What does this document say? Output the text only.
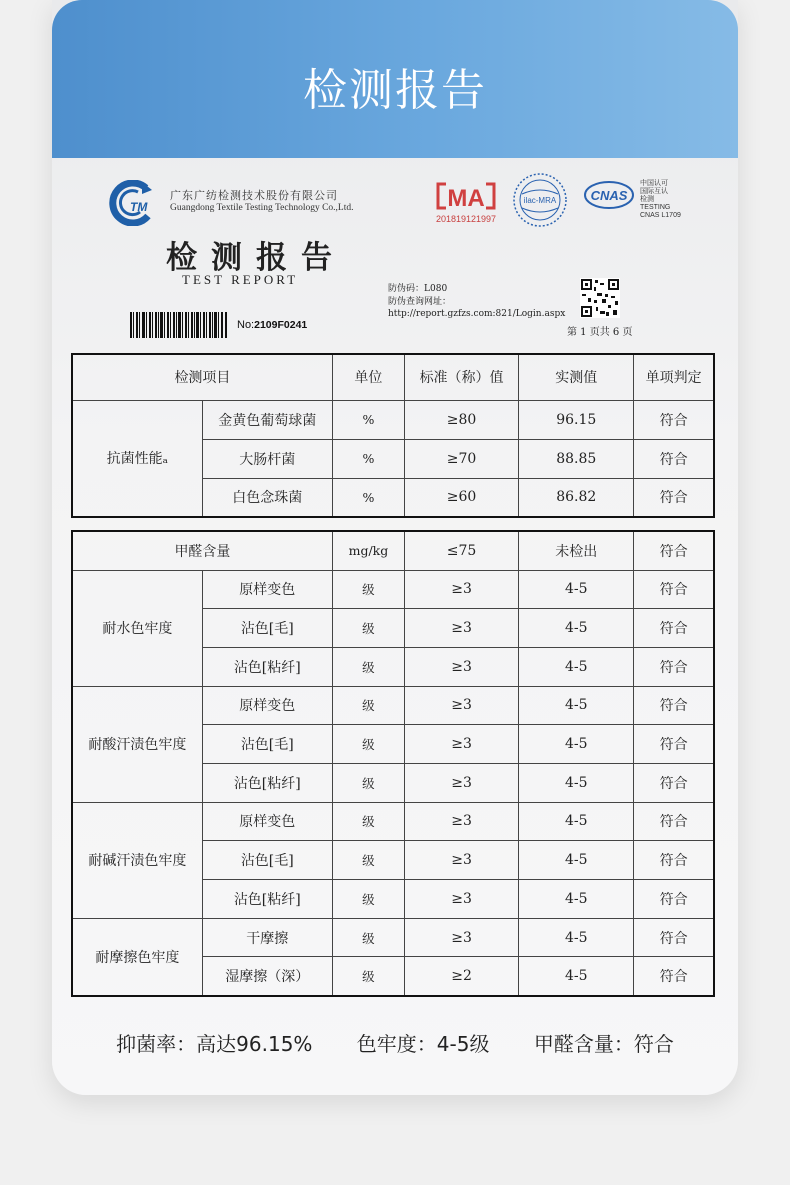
检测报告
TM
广东广纺检测技术股份有限公司
Guangdong Textile Testing Technology Co.,Ltd.	MA
201819121997
ilac-MRA	CNAS
中国认可
国际互认
检测
TESTING
CNAS L1709
检测报告
TEST REPORT
防伪码：L080
防伪查询网址：
http://report.gzfzs.com:821/Login.aspx
第 1 页共 6 页
No:2109F0241
检测项目		单位	标准（称）值	实测值	单项判定
抗菌性能ₐ	金黄色葡萄球菌	%	≥80	96.15	符合
	大肠杆菌	%	≥70	88.85	符合
	白色念珠菌	%	≥60	86.82	符合
甲醛含量		mg/kg	≤75	未检出	符合
耐水色牢度	原样变色	级	≥3	4-5	符合
	沾色[毛]	级	≥3	4-5	符合
	沾色[粘纤]	级	≥3	4-5	符合
耐酸汗渍色牢度	原样变色	级	≥3	4-5	符合
	沾色[毛]	级	≥3	4-5	符合
	沾色[粘纤]	级	≥3	4-5	符合
耐碱汗渍色牢度	原样变色	级	≥3	4-5	符合
	沾色[毛]	级	≥3	4-5	符合
	沾色[粘纤]	级	≥3	4-5	符合
耐摩擦色牢度	干摩擦	级	≥3	4-5	符合
	湿摩擦（深）	级	≥2	4-5	符合
抑菌率：高达96.15% 色牢度：4-5级 甲醛含量：符合
